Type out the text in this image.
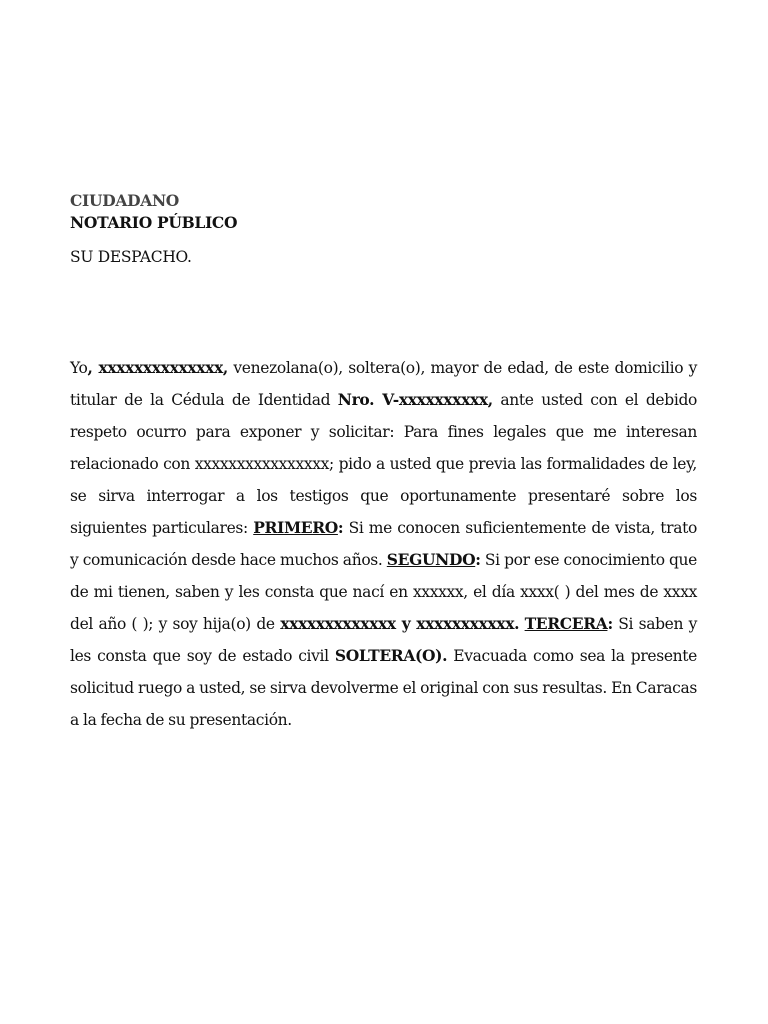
CIUDADANO
NOTARIO PÚBLICO
SU DESPACHO.

Yo, xxxxxxxxxxxxxx, venezolana(o), soltera(o), mayor de edad, de este domicilio y titular de la Cédula de Identidad Nro. V-xxxxxxxxxx, ante usted con el debido respeto ocurro para exponer y solicitar: Para fines legales que me interesan relacionado con xxxxxxxxxxxxxxxx; pido a usted que previa las formalidades de ley, se sirva interrogar a los testigos que oportunamente presentaré sobre los siguientes particulares: PRIMERO: Si me conocen suficientemente de vista, trato y comunicación desde hace muchos años. SEGUNDO: Si por ese conocimiento que de mi tienen, saben y les consta que nací en xxxxxx, el día xxxx( ) del mes de xxxx del año ( ); y soy hija(o) de xxxxxxxxxxxxx y xxxxxxxxxxx. TERCERA: Si saben y les consta que soy de estado civil SOLTERA(O). Evacuada como sea la presente solicitud ruego a usted, se sirva devolverme el original con sus resultas. En Caracas a la fecha de su presentación.
